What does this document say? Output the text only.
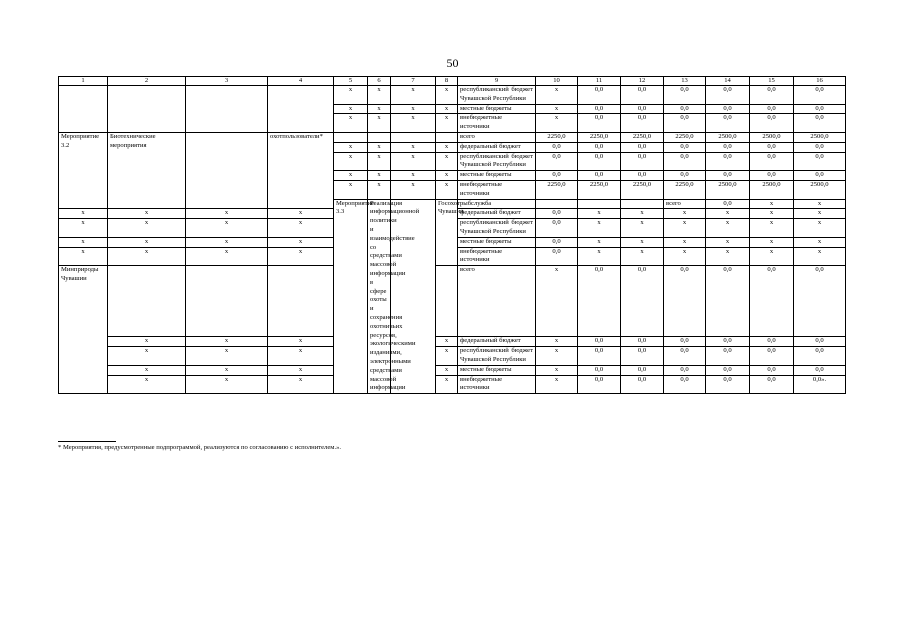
50
1	2	3	4	5	6	7	8	9	10	11	12	13	14	15	16	
				х	х	х	х	республиканский бюджет Чувашской Республики	х	0,0	0,0	0,0	0,0	0,0	0,0	
				х	х	х	х	местные бюджеты	х	0,0	0,0	0,0	0,0	0,0	0,0	
				х	х	х	х	внебюджетные источники	х	0,0	0,0	0,0	0,0	0,0	0,0	
Мероприятие 3.2	Биотехнические мероприятия		охотпользователи*					всего	2250,0	2250,0	2250,0	2250,0	2500,0	2500,0	2500,0	
				х	х	х	х	федеральный бюджет	0,0	0,0	0,0	0,0	0,0	0,0	0,0	
				х	х	х	х	республиканский бюджет Чувашской Республики	0,0	0,0	0,0	0,0	0,0	0,0	0,0	
				х	х	х	х	местные бюджеты	0,0	0,0	0,0	0,0	0,0	0,0	0,0	
				х	х	х	х	внебюджетные источники	2250,0	2250,0	2250,0	2250,0	2500,0	2500,0	2500,0	
				Мероприятие 3.3	Реализация информационной политики и взаимодействие со средствами массовой информации в сфере охоты и сохранения охотничьих ресурсов, экологическими изданиями, электронными средствами массовой информации		Госохотрыбслужба Чувашии					всего	0,0	х	х				
х	х	х	х					федеральный бюджет	0,0	х	х	х	х	х	х	
х	х	х	х					республиканский бюджет Чувашской Республики	0,0	х	х	х	х	х	х	
х	х	х	х					местные бюджеты	0,0	х	х	х	х	х	х	
х	х	х	х					внебюджетные источники	0,0	х	х	х	х	х	х	
Минприроды Чувашии								всего	х	0,0	0,0	0,0	0,0	0,0	0,0	
	х	х	х				х	федеральный бюджет	х	0,0	0,0	0,0	0,0	0,0	0,0	
	х	х	х				х	республиканский бюджет Чувашской Республики	х	0,0	0,0	0,0	0,0	0,0	0,0	
	х	х	х				х	местные бюджеты	х	0,0	0,0	0,0	0,0	0,0	0,0	
	х	х	х				х	внебюджетные источники	х	0,0	0,0	0,0	0,0	0,0	0,0».	
* Мероприятия, предусмотренные подпрограммой, реализуются по согласованию с исполнителем.».
